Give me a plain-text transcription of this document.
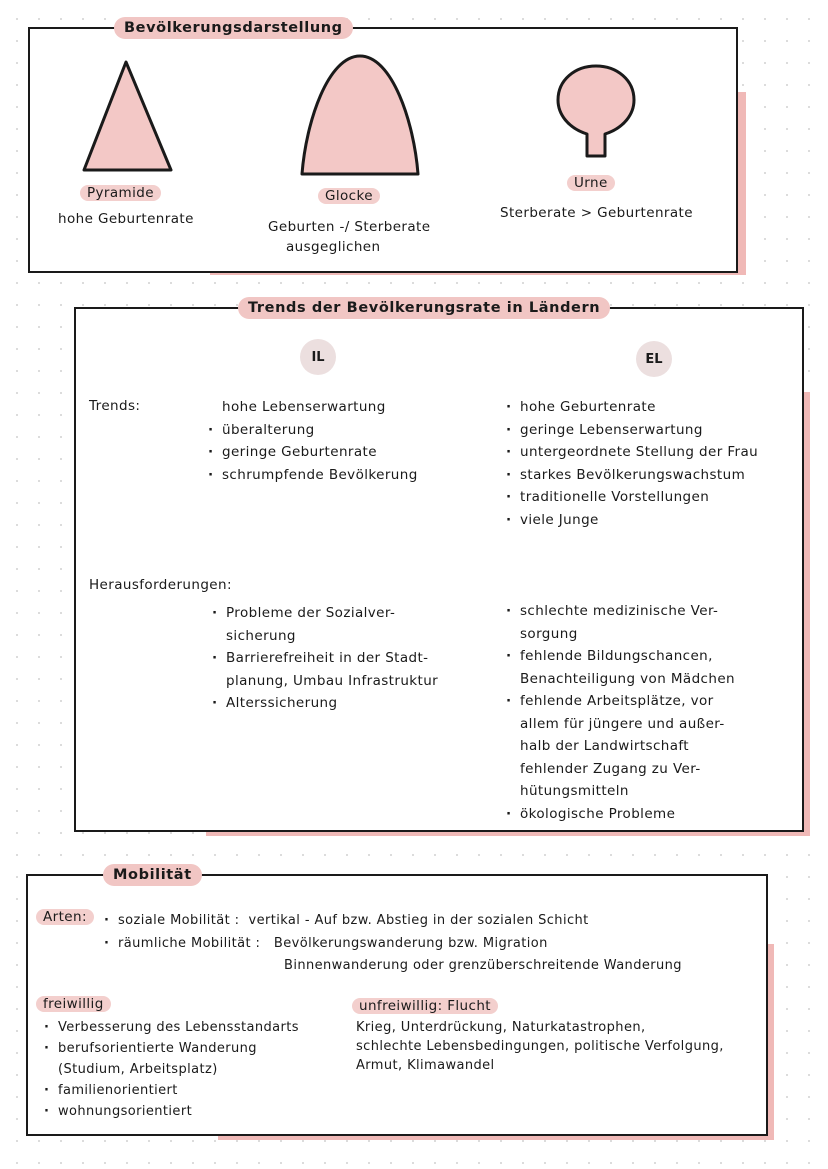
Bevölkerungsdarstellung
Pyramide
hohe Geburtenrate
Glocke
Geburten -/ Sterberate
ausgeglichen
Urne
Sterberate > Geburtenrate
Trends der Bevölkerungsrate in Ländern
IL	EL
Trends:	hohe Lebenserwartung
· überalterung
· geringe Geburtenrate
· schrumpfende Bevölkerung
· hohe Geburtenrate
· geringe Lebenserwartung
· untergeordnete Stellung der Frau
· starkes Bevölkerungswachstum
· traditionelle Vorstellungen
· viele Junge
Herausforderungen:
· Probleme der Sozialver-
sicherung
· Barrierefreiheit in der Stadt-
planung, Umbau Infrastruktur
· Alterssicherung
· schlechte medizinische Ver-
sorgung
· fehlende Bildungschancen,
Benachteiligung von Mädchen
· fehlende Arbeitsplätze, vor
allem für jüngere und außer-
halb der Landwirtschaft
fehlender Zugang zu Ver-
hütungsmitteln
· ökologische Probleme
Mobilität
Arten:
·	soziale Mobilität : vertikal - Auf bzw. Abstieg in der sozialen Schicht
· räumliche Mobilität : Bevölkerungswanderung bzw. Migration
Binnenwanderung oder grenzüberschreitende Wanderung
freiwillig
· Verbesserung des Lebensstandarts
· berufsorientierte Wanderung
(Studium, Arbeitsplatz)
· familienorientiert
· wohnungsorientiert
unfreiwillig: Flucht
Krieg, Unterdrückung, Naturkatastrophen,
schlechte Lebensbedingungen, politische Verfolgung,
Armut, Klimawandel
